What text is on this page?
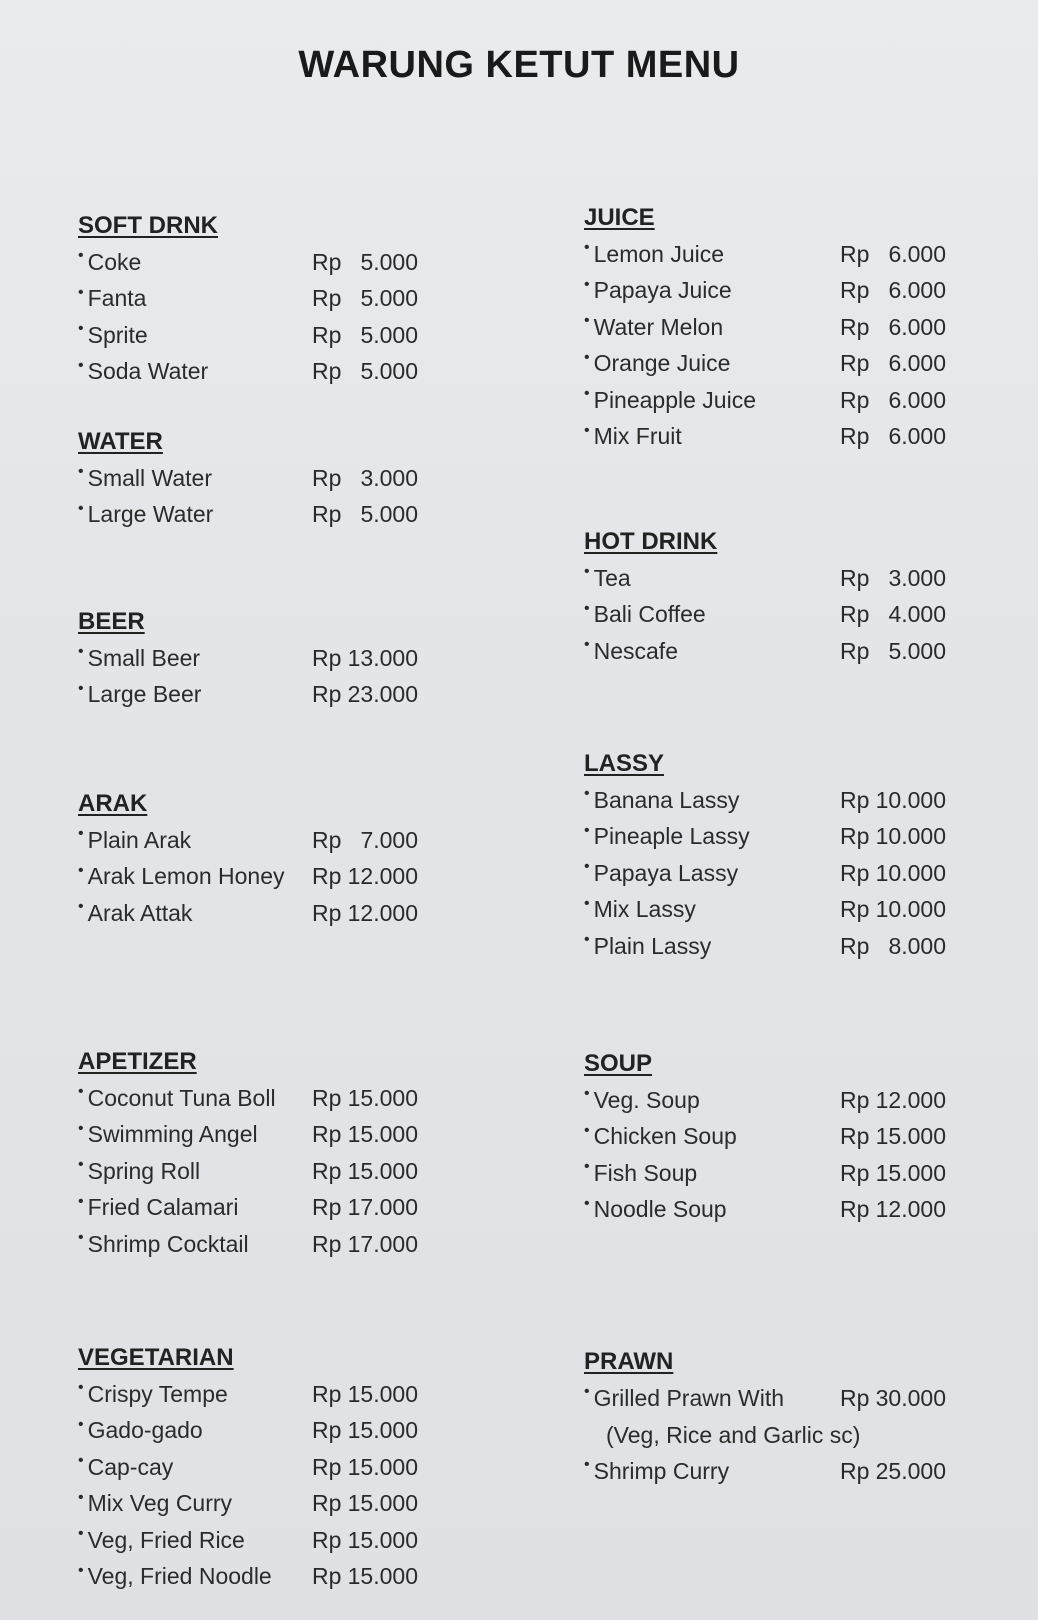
WARUNG KETUT MENU
SOFT DRNK
• Coke	Rp 5.000
• Fanta	Rp 5.000
• Sprite	Rp 5.000
• Soda Water	Rp 5.000
WATER
• Small Water	Rp 3.000
• Large Water	Rp 5.000
BEER
• Small Beer	Rp 13.000
• Large Beer	Rp 23.000
ARAK
• Plain Arak	Rp 7.000
• Arak Lemon Honey Rp 12.000
• Arak Attak	Rp 12.000
APETIZER
• Coconut Tuna Boll Rp 15.000
• Swimming Angel Rp 15.000
• Spring Roll	Rp 15.000
• Fried Calamari	Rp 17.000
• Shrimp Cocktail	Rp 17.000
VEGETARIAN
• Crispy Tempe	Rp 15.000
• Gado-gado	Rp 15.000
• Cap-cay	Rp 15.000
• Mix Veg Curry	Rp 15.000
• Veg, Fried Rice	Rp 15.000
• Veg, Fried Noodle Rp 15.000
JUICE
• Lemon Juice	Rp 6.000
• Papaya Juice	Rp 6.000
• Water Melon	Rp 6.000
• Orange Juice	Rp 6.000
• Pineapple Juice	Rp 6.000
• Mix Fruit	Rp 6.000
HOT DRINK
• Tea	Rp 3.000
• Bali Coffee	Rp 4.000
• Nescafe	Rp 5.000
LASSY
• Banana Lassy	Rp 10.000
• Pineaple Lassy	Rp 10.000
• Papaya Lassy	Rp 10.000
• Mix Lassy	Rp 10.000
• Plain Lassy	Rp 8.000
SOUP
• Veg. Soup	Rp 12.000
• Chicken Soup	Rp 15.000
• Fish Soup	Rp 15.000
• Noodle Soup	Rp 12.000
PRAWN
• Grilled Prawn With Rp 30.000
(Veg, Rice and Garlic sc)
• Shrimp Curry	Rp 25.000
